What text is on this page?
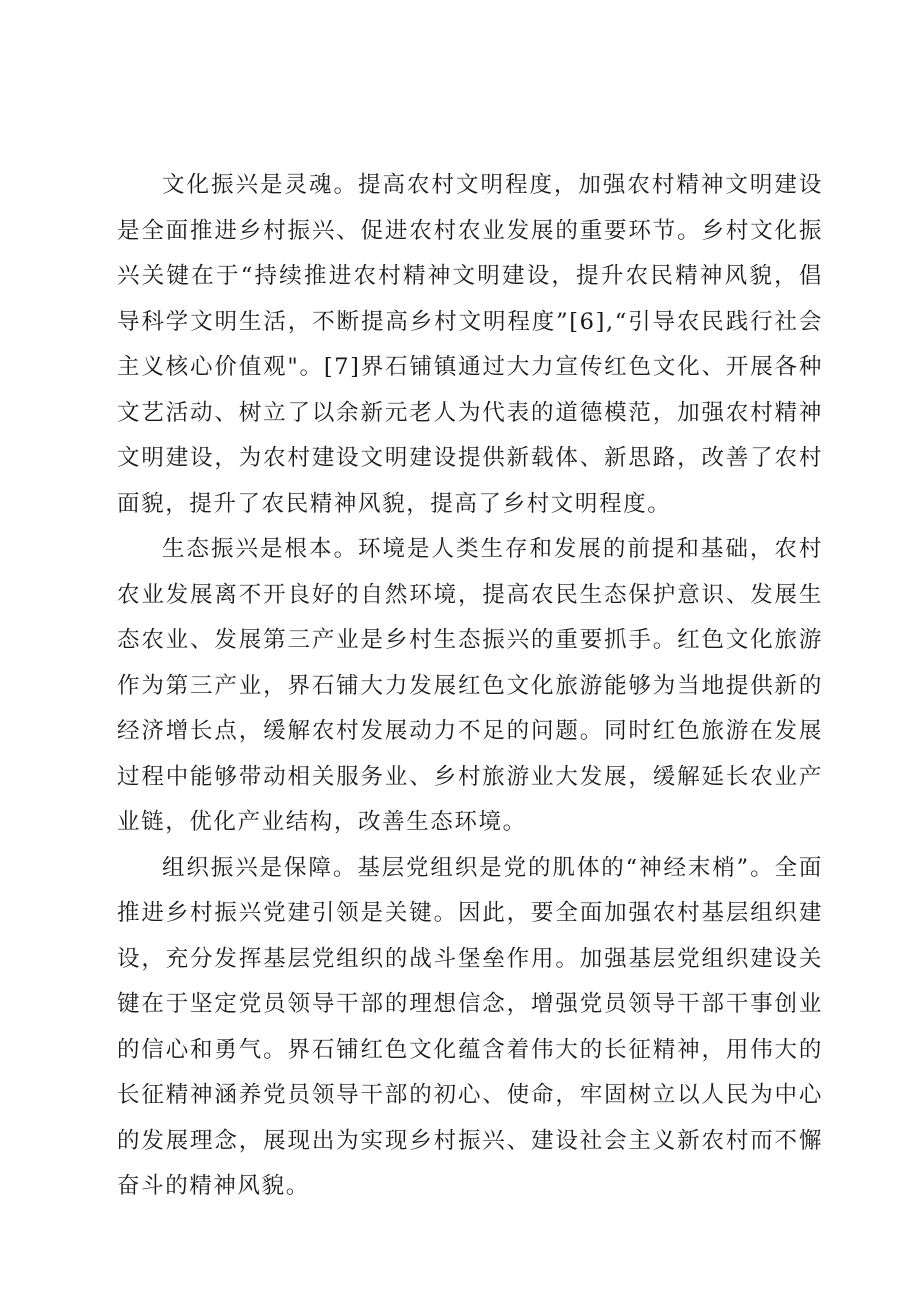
文化振兴是灵魂。提高农村文明程度，加强农村精神文明建设是全面推进乡村振兴、促进农村农业发展的重要环节。乡村文化振兴关键在于“持续推进农村精神文明建设，提升农民精神风貌，倡导科学文明生活，不断提高乡村文明程度”[6],“引导农民践行社会主义核心价值观"。[7]界石铺镇通过大力宣传红色文化、开展各种文艺活动、树立了以余新元老人为代表的道德模范，加强农村精神文明建设，为农村建设文明建设提供新载体、新思路，改善了农村面貌，提升了农民精神风貌，提高了乡村文明程度。

生态振兴是根本。环境是人类生存和发展的前提和基础，农村农业发展离不开良好的自然环境，提高农民生态保护意识、发展生态农业、发展第三产业是乡村生态振兴的重要抓手。红色文化旅游作为第三产业，界石铺大力发展红色文化旅游能够为当地提供新的经济增长点，缓解农村发展动力不足的问题。同时红色旅游在发展过程中能够带动相关服务业、乡村旅游业大发展，缓解延长农业产业链，优化产业结构，改善生态环境。

组织振兴是保障。基层党组织是党的肌体的“神经末梢”。全面推进乡村振兴党建引领是关键。因此，要全面加强农村基层组织建设，充分发挥基层党组织的战斗堡垒作用。加强基层党组织建设关键在于坚定党员领导干部的理想信念，增强党员领导干部干事创业的信心和勇气。界石铺红色文化蕴含着伟大的长征精神，用伟大的长征精神涵养党员领导干部的初心、使命，牢固树立以人民为中心的发展理念，展现出为实现乡村振兴、建设社会主义新农村而不懈奋斗的精神风貌。
